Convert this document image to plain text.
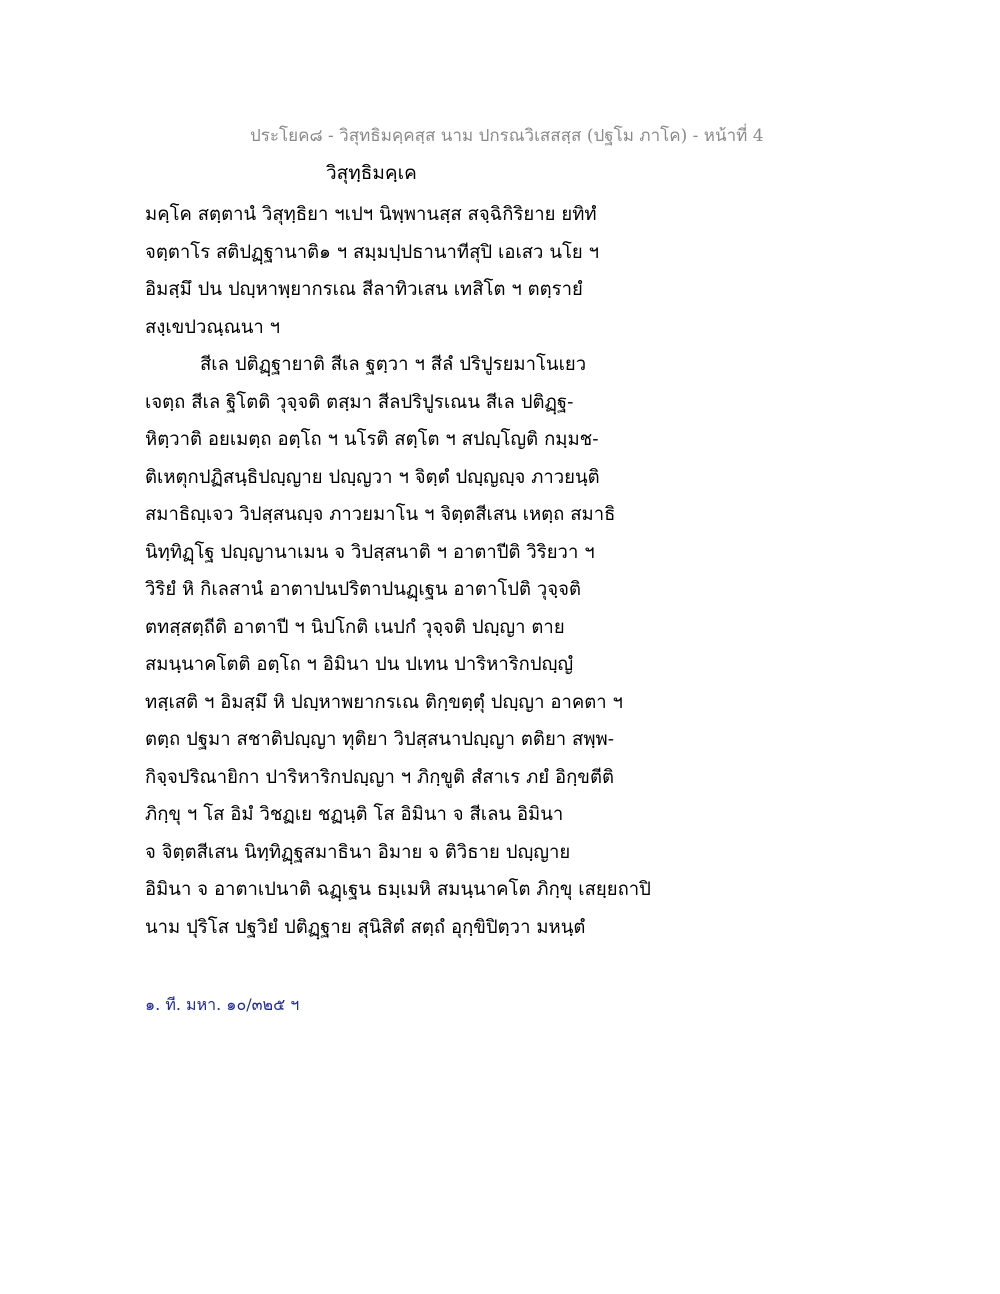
ประโยค๘ - วิสุทธิมคฺคสฺส นาม ปกรณวิเสสสฺส (ปฐโม ภาโค) - หน้าที่ 4
วิสุทฺธิมคฺเค
มคฺโค สตฺตานํ วิสุทฺธิยา ฯเปฯ นิพฺพานสฺส สจฺฉิกิริยาย ยทิทํ
จตฺตาโร สติปฏฺฐานาติ๑ ฯ สมฺมปฺปธานาทีสุปิ เอเสว นโย ฯ
อิมสฺมึ ปน ปญฺหาพฺยากรเณ สีลาทิวเสน เทสิโต ฯ ตตฺรายํ
สงฺเขปวณฺณนา ฯ
สีเล ปติฏฺฐายาติ สีเล ฐตฺวา ฯ สีลํ ปริปูรยมาโนเยว
เจตฺถ สีเล ฐิโตติ วุจฺจติ ตสฺมา สีลปริปูรเณน สีเล ปติฏฺฐ-
หิตฺวาติ อยเมตฺถ อตฺโถ ฯ นโรติ สตฺโต ฯ สปญฺโญติ กมฺมช-
ติเหตุกปฏิสนฺธิปญฺญาย ปญฺญวา ฯ จิตฺตํ ปญฺญญฺจ ภาวยนฺติ
สมาธิญฺเจว วิปสฺสนญฺจ ภาวยมาโน ฯ จิตฺตสีเสน เหตฺถ สมาธิ
นิทฺทิฏฺโฐ ปญฺญานาเมน จ วิปสฺสนาติ ฯ อาตาปีติ วิริยวา ฯ
วิริยํ หิ กิเลสานํ อาตาปนปริตาปนฏฺเฐน อาตาโปติ วุจฺจติ
ตทสฺสตฺถีติ อาตาปี ฯ นิปโกติ เนปกํ วุจฺจติ ปญฺญา ตาย
สมนฺนาคโตติ อตฺโถ ฯ อิมินา ปน ปเทน ปาริหาริกปญฺญํ
ทสฺเสติ ฯ อิมสฺมึ หิ ปญฺหาพยากรเณ ติกฺขตฺตุํ ปญฺญา อาคตา ฯ
ตตฺถ ปฐมา สชาติปญฺญา ทุติยา วิปสฺสนาปญฺญา ตติยา สพฺพ-
กิจฺจปริณายิกา ปาริหาริกปญฺญา ฯ ภิกฺขูติ สํสาเร ภยํ อิกฺขตีติ
ภิกฺขุ ฯ โส อิมํ วิชฏเย ชฏนฺติ โส อิมินา จ สีเลน อิมินา
จ จิตฺตสีเสน นิทฺทิฏฺฐสมาธินา อิมาย จ ติวิธาย ปญฺญาย
อิมินา จ อาตาเปนาติ ฉฏฺเฐน ธมฺเมหิ สมนฺนาคโต ภิกฺขุ เสยฺยถาปิ
นาม ปุริโส ปฐวิยํ ปติฏฺฐาย สุนิสิตํ สตฺถํ อุกฺขิปิตฺวา มหนฺตํ
๑. ที. มหา. ๑๐/๓๒๕ ฯ
